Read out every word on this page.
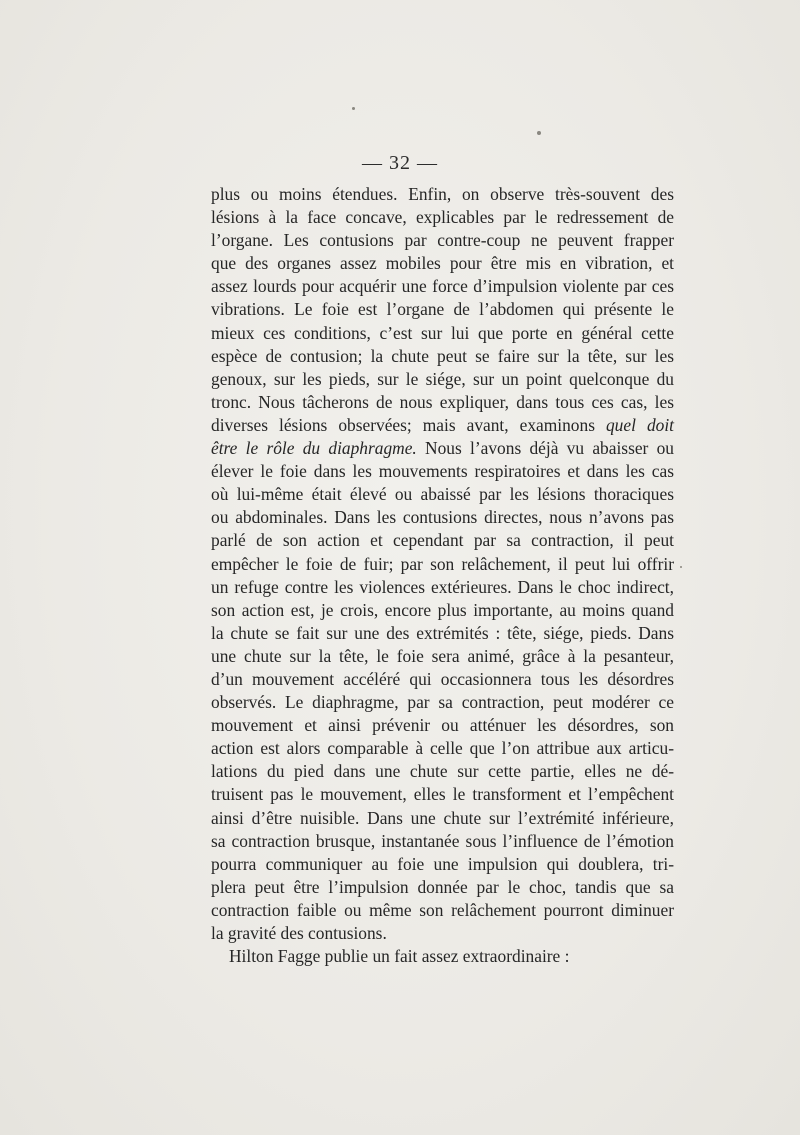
— 32 —
plus ou moins étendues. Enfin, on observe très-souvent des
lésions à la face concave, explicables par le redressement de
l’organe. Les contusions par contre-coup ne peuvent frapper
que des organes assez mobiles pour être mis en vibration, et
assez lourds pour acquérir une force d’impulsion violente par ces
vibrations. Le foie est l’organe de l’abdomen qui présente le
mieux ces conditions, c’est sur lui que porte en général cette
espèce de contusion; la chute peut se faire sur la tête, sur les
genoux, sur les pieds, sur le siége, sur un point quelconque du
tronc. Nous tâcherons de nous expliquer, dans tous ces cas, les
diverses lésions observées; mais avant, examinons quel doit
être le rôle du diaphragme. Nous l’avons déjà vu abaisser ou
élever le foie dans les mouvements respiratoires et dans les cas
où lui-même était élevé ou abaissé par les lésions thoraciques
ou abdominales. Dans les contusions directes, nous n’avons pas
parlé de son action et cependant par sa contraction, il peut
empêcher le foie de fuir; par son relâchement, il peut lui offrir
un refuge contre les violences extérieures. Dans le choc indirect,
son action est, je crois, encore plus importante, au moins quand
la chute se fait sur une des extrémités : tête, siége, pieds. Dans
une chute sur la tête, le foie sera animé, grâce à la pesanteur,
d’un mouvement accéléré qui occasionnera tous les désordres
observés. Le diaphragme, par sa contraction, peut modérer ce
mouvement et ainsi prévenir ou atténuer les désordres, son
action est alors comparable à celle que l’on attribue aux articu-
lations du pied dans une chute sur cette partie, elles ne dé-
truisent pas le mouvement, elles le transforment et l’empêchent
ainsi d’être nuisible. Dans une chute sur l’extrémité inférieure,
sa contraction brusque, instantanée sous l’influence de l’émotion
pourra communiquer au foie une impulsion qui doublera, tri-
plera peut être l’impulsion donnée par le choc, tandis que sa
contraction faible ou même son relâchement pourront diminuer
la gravité des contusions.
Hilton Fagge publie un fait assez extraordinaire :
